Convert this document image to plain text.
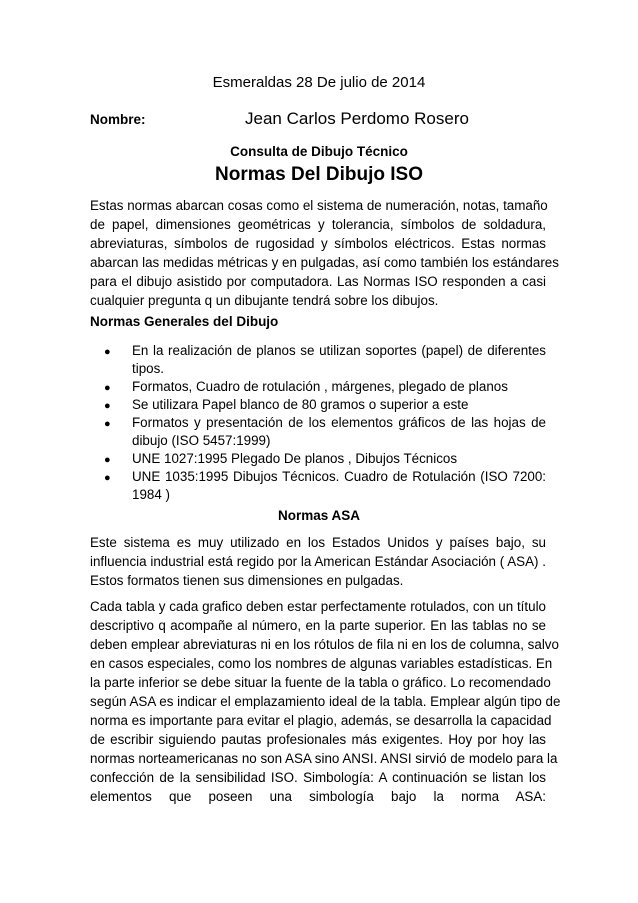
Esmeraldas 28 De julio de 2014
Nombre:	Jean Carlos Perdomo Rosero
Consulta de Dibujo Técnico
Normas Del Dibujo ISO
Estas normas abarcan cosas como el sistema de numeración, notas, tamaño
de papel, dimensiones geométricas y tolerancia, símbolos de soldadura,
abreviaturas, símbolos de rugosidad y símbolos eléctricos. Estas normas
abarcan las medidas métricas y en pulgadas, así como también los estándares
para el dibujo asistido por computadora. Las Normas ISO responden a casi
Normas Generales del Dibujo
● En la realización de planos se utilizan soportes (papel) de diferentes
tipos.
● Formatos, Cuadro de rotulación , márgenes, plegado de planos
● Se utilizara Papel blanco de 80 gramos o superior a este
● Formatos y presentación de los elementos gráficos de las hojas de
dibujo (ISO 5457:1999)
● UNE 1027:1995 Plegado De planos , Dibujos Técnicos
● UNE 1035:1995 Dibujos Técnicos. Cuadro de Rotulación (ISO 7200:
1984 )
Normas ASA
Este sistema es muy utilizado en los Estados Unidos y países bajo, su
influencia industrial está regido por la American Estándar Asociación ( ASA) .
Estos formatos tienen sus dimensiones en pulgadas.
Cada tabla y cada grafico deben estar perfectamente rotulados, con un título
descriptivo q acompañe al número, en la parte superior. En las tablas no se
deben emplear abreviaturas ni en los rótulos de fila ni en los de columna, salvo
en casos especiales, como los nombres de algunas variables estadísticas. En
la parte inferior se debe situar la fuente de la tabla o gráfico. Lo recomendado
según ASA es indicar el emplazamiento ideal de la tabla. Emplear algún tipo de
norma es importante para evitar el plagio, además, se desarrolla la capacidad
de escribir siguiendo pautas profesionales más exigentes. Hoy por hoy las
normas norteamericanas no son ASA sino ANSI. ANSI sirvió de modelo para la
confección de la sensibilidad ISO. Simbología: A continuación se listan los
elementos que poseen una simbología bajo la norma ASA:
cualquier pregunta q un dibujante tendrá sobre los dibujos.
